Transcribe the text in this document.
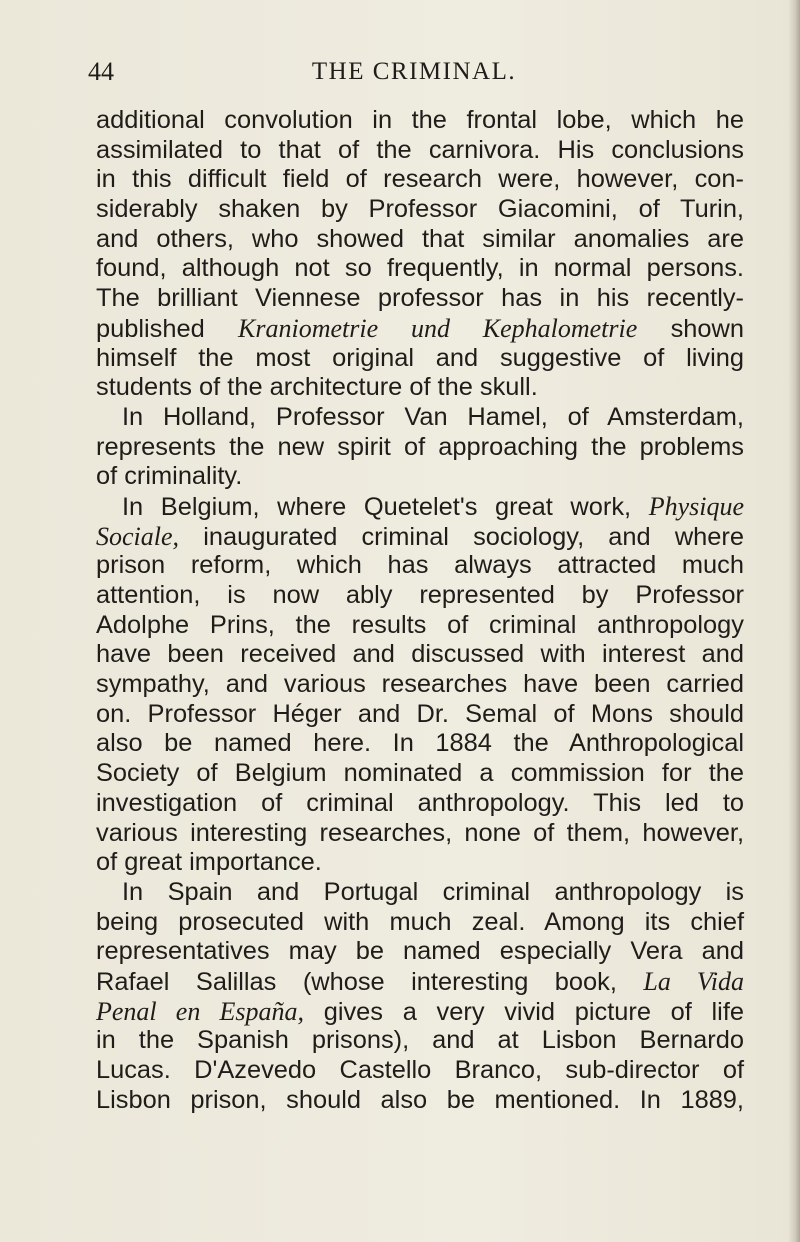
44	THE CRIMINAL.
additional convolution in the frontal lobe, which he
assimilated to that of the carnivora. His conclusions
in this difficult field of research were, however, con-
siderably shaken by Professor Giacomini, of Turin,
and others, who showed that similar anomalies are
found, although not so frequently, in normal persons.
The brilliant Viennese professor has in his recently-
published Kraniometrie und Kephalometrie shown
himself the most original and suggestive of living
students of the architecture of the skull.
In Holland, Professor Van Hamel, of Amsterdam,
represents the new spirit of approaching the problems
of criminality.
In Belgium, where Quetelet's great work, Physique
Sociale, inaugurated criminal sociology, and where
prison reform, which has always attracted much
attention, is now ably represented by Professor
Adolphe Prins, the results of criminal anthropology
have been received and discussed with interest and
sympathy, and various researches have been carried
on. Professor Héger and Dr. Semal of Mons should
also be named here. In 1884 the Anthropological
Society of Belgium nominated a commission for the
investigation of criminal anthropology. This led to
various interesting researches, none of them, however,
of great importance.
In Spain and Portugal criminal anthropology is
being prosecuted with much zeal. Among its chief
representatives may be named especially Vera and
Rafael Salillas (whose interesting book, La Vida
Penal en España, gives a very vivid picture of life
in the Spanish prisons), and at Lisbon Bernardo
Lucas. D'Azevedo Castello Branco, sub-director of
Lisbon prison, should also be mentioned. In 1889,
